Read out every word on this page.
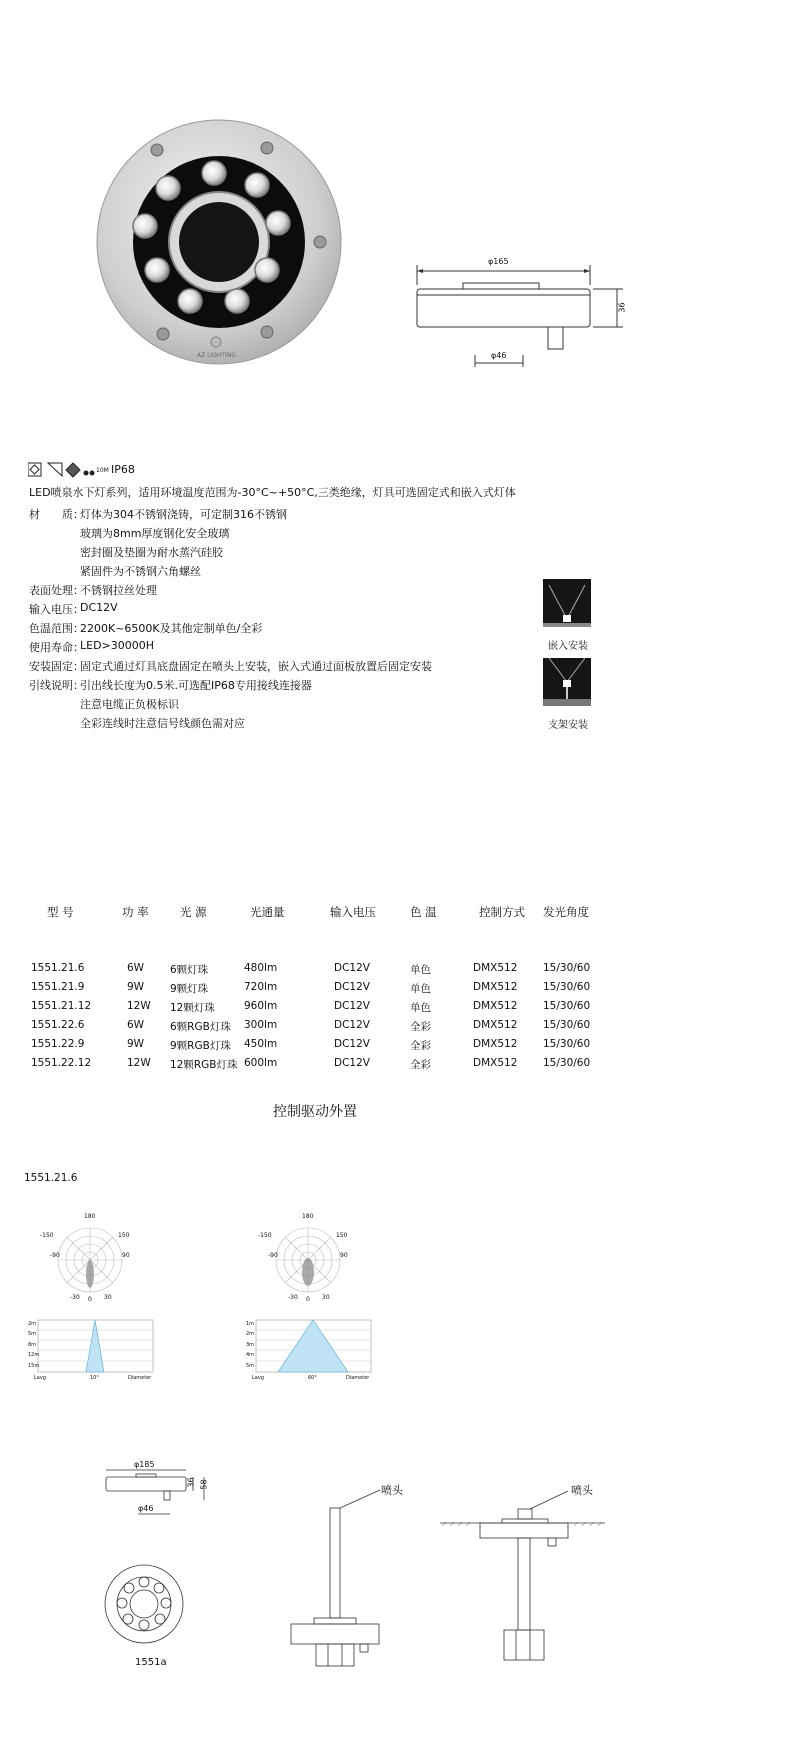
AZ LIGHTING
φ165
36
φ46
10M IP68
LED喷泉水下灯系列，适用环境温度范围为-30°C~+50°C,三类绝缘，灯具可选固定式和嵌入式灯体
材　　质：
灯体为304不锈钢浇铸，可定制316不锈钢
玻璃为8mm厚度钢化安全玻璃
密封圈及垫圈为耐水蒸汽硅胶
紧固件为不锈钢六角螺丝
表面处理：
不锈钢拉丝处理
输入电压：
DC12V
色温范围：
2200K~6500K及其他定制单色/全彩
使用寿命：
LED>30000H
安装固定：
固定式通过灯具底盘固定在喷头上安装，嵌入式通过面板放置后固定安装
引线说明：
引出线长度为0.5米.可选配IP68专用接线连接器
注意电缆正负极标识
全彩连线时注意信号线颜色需对应
嵌入安装
支架安装
型 号	功 率	光 源	光通量	输入电压	色 温	控制方式 发光角度
1551.21.6	6W 6颗灯珠	480lm	DC12V	单色	DMX512 15/30/60
1551.21.9	9W 9颗灯珠	720lm	DC12V	单色	DMX512 15/30/60
1551.21.12	12W 12颗灯珠	960lm	DC12V	单色	DMX512 15/30/60
1551.22.6	6W 6颗RGB灯珠 300lm	DC12V	全彩	DMX512 15/30/60
1551.22.9	9W 9颗RGB灯珠 450lm	DC12V	全彩	DMX512 15/30/60
1551.22.12	12W 12颗RGB灯珠 600lm	DC12V	全彩	DMX512 15/30/60
控制驱动外置
1551.21.6
180
-150	150
-90	90
-30 0 30
180
-150	150
-90	90
-30 0 30
2m
5m
8m
12m
15m
Lavg	10°	Diameter
1m
2m
3m
4m
5m
Lavg	60°	Diameter
φ185
36 58
φ46
1551a
喷头	喷头
